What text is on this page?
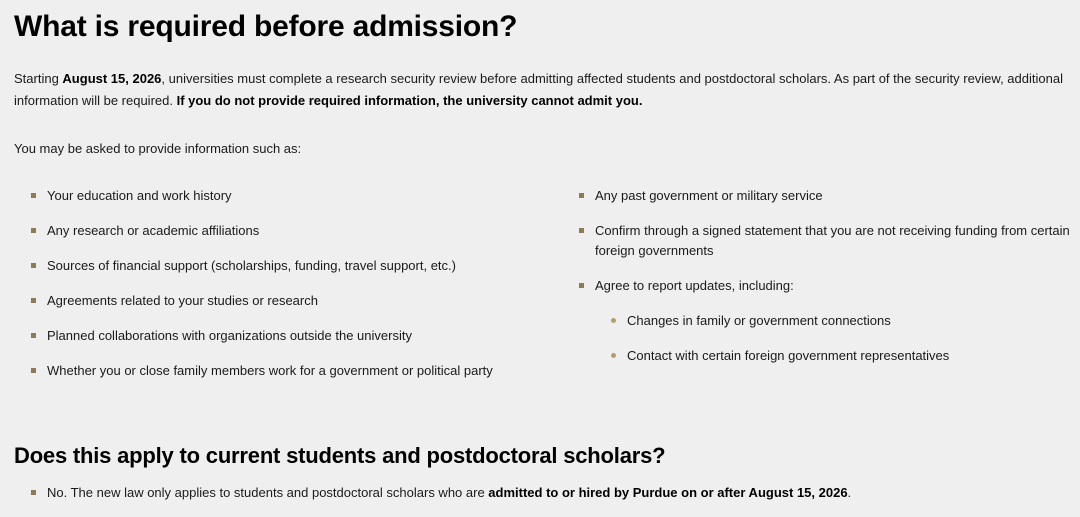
What is required before admission?

Starting August 15, 2026, universities must complete a research security review before admitting affected students and postdoctoral scholars. As part of the security review, additional information will be required. If you do not provide required information, the university cannot admit you.

You may be asked to provide information such as:

Your education and work history
Any research or academic affiliations
Sources of financial support (scholarships, funding, travel support, etc.)
Agreements related to your studies or research
Planned collaborations with organizations outside the university
Whether you or close family members work for a government or political party
Any past government or military service
Confirm through a signed statement that you are not receiving funding from certain foreign governments
Agree to report updates, including:
Changes in family or government connections
Contact with certain foreign government representatives
Does this apply to current students and postdoctoral scholars?
No. The new law only applies to students and postdoctoral scholars who are admitted to or hired by Purdue on or after August 15, 2026.
